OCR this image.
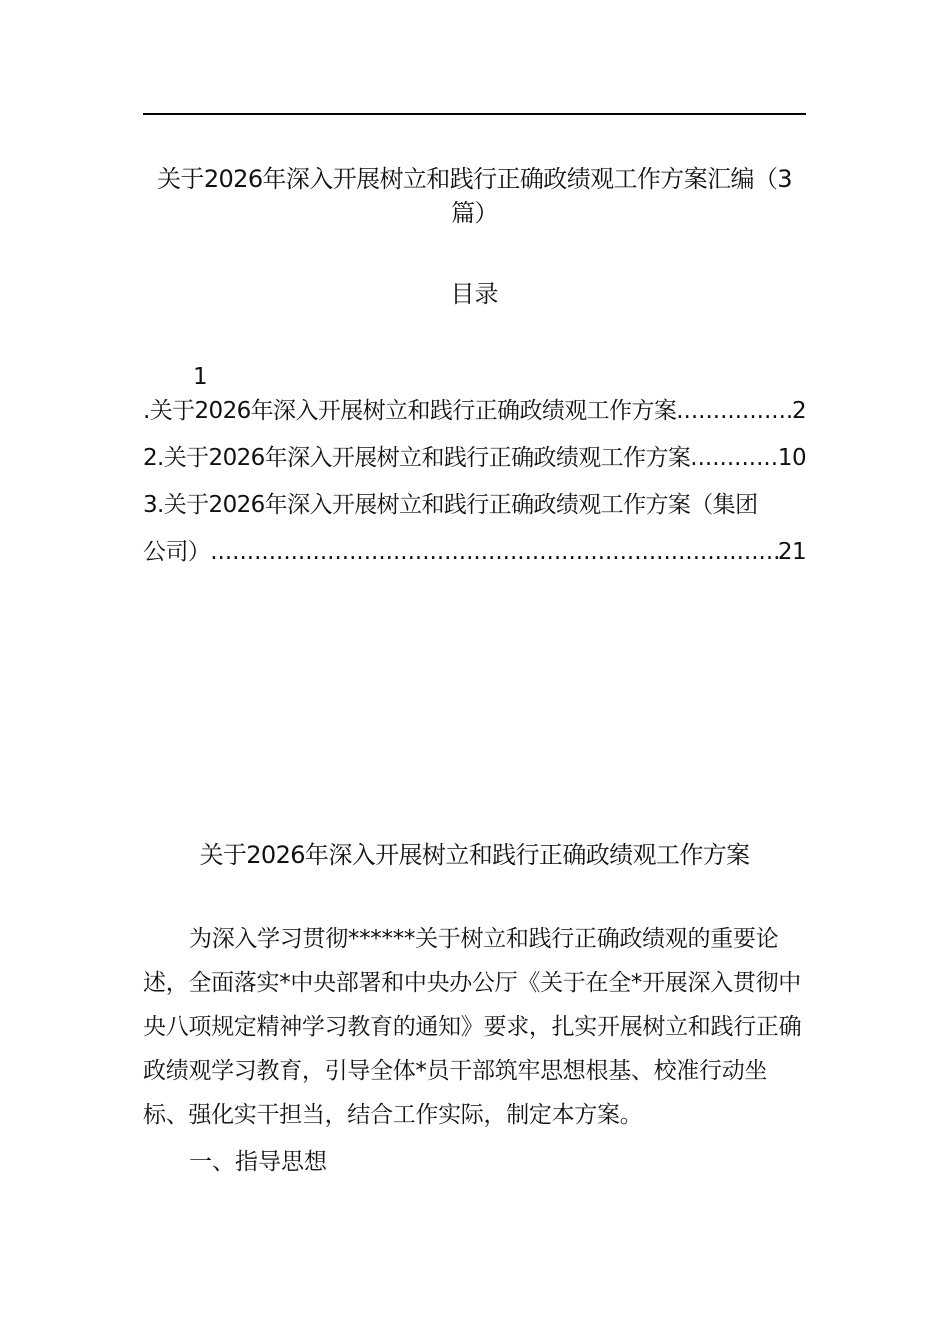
关于2026年深入开展树立和践行正确政绩观工作方案汇编（3
篇）
目录
1
.关于2026年深入开展树立和践行正确政绩观工作方案 .....	2
2.关于2026年深入开展树立和践行正确政绩观工作方案 .....	10
3.关于2026年深入开展树立和践行正确政绩观工作方案（集团
公司） .....	21
关于2026年深入开展树立和践行正确政绩观工作方案

为深入学习贯彻******关于树立和践行正确政绩观的重要论述，全面落实*中央部署和中央办公厅《关于在全*开展深入贯彻中央八项规定精神学习教育的通知》要求，扎实开展树立和践行正确政绩观学习教育，引导全体*员干部筑牢思想根基、校准行动坐标、强化实干担当，结合工作实际，制定本方案。

一、指导思想
